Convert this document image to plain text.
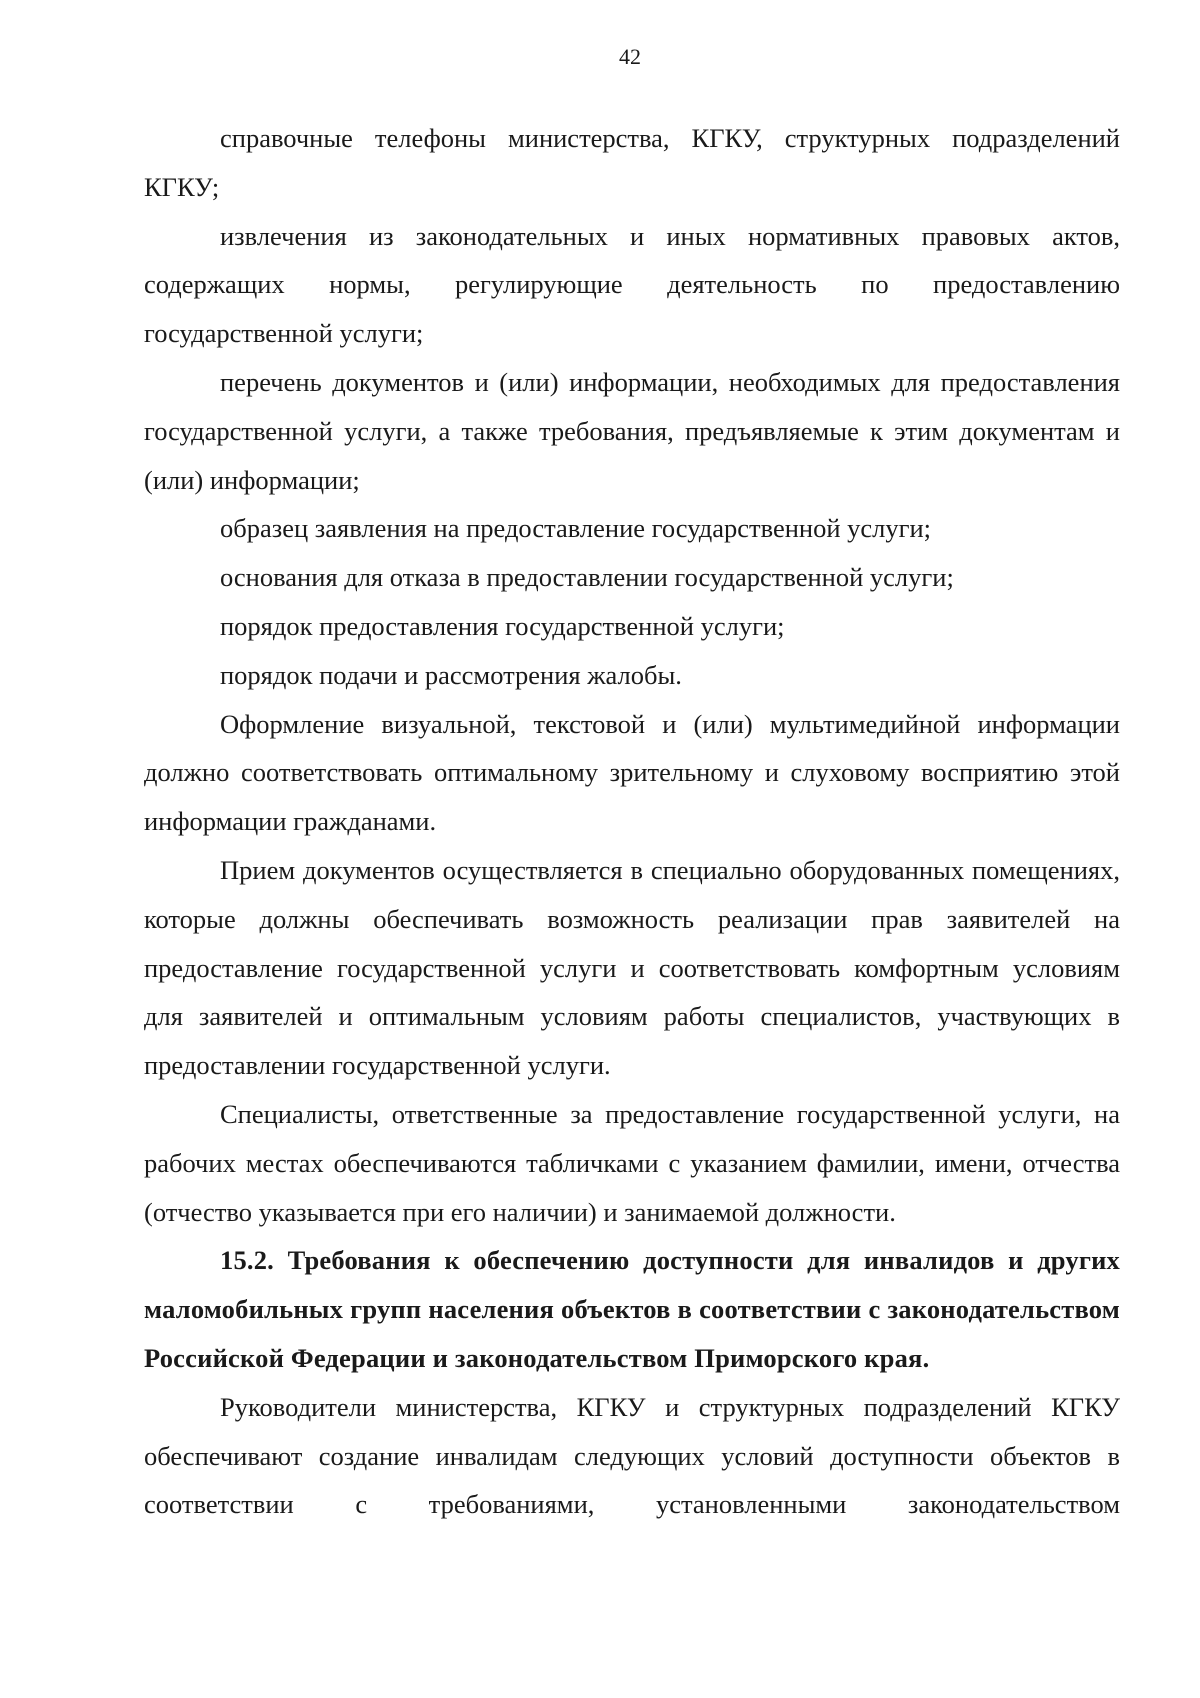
42

справочные телефоны министерства, КГКУ, структурных подразделений КГКУ;

извлечения из законодательных и иных нормативных правовых актов, содержащих нормы, регулирующие деятельность по предоставлению государственной услуги;

перечень документов и (или) информации, необходимых для предоставления государственной услуги, а также требования, предъявляемые к этим документам и (или) информации;

образец заявления на предоставление государственной услуги;

основания для отказа в предоставлении государственной услуги;

порядок предоставления государственной услуги;

порядок подачи и рассмотрения жалобы.

Оформление визуальной, текстовой и (или) мультимедийной информации должно соответствовать оптимальному зрительному и слуховому восприятию этой информации гражданами.

Прием документов осуществляется в специально оборудованных помещениях, которые должны обеспечивать возможность реализации прав заявителей на предоставление государственной услуги и соответствовать комфортным условиям для заявителей и оптимальным условиям работы специалистов, участвующих в предоставлении государственной услуги.

Специалисты, ответственные за предоставление государственной услуги, на рабочих местах обеспечиваются табличками с указанием фамилии, имени, отчества (отчество указывается при его наличии) и занимаемой должности.

15.2. Требования к обеспечению доступности для инвалидов и других маломобильных групп населения объектов в соответствии с законодательством Российской Федерации и законодательством Приморского края.

Руководители министерства, КГКУ и структурных подразделений КГКУ обеспечивают создание инвалидам следующих условий доступности объектов в соответствии с требованиями, установленными законодательством
